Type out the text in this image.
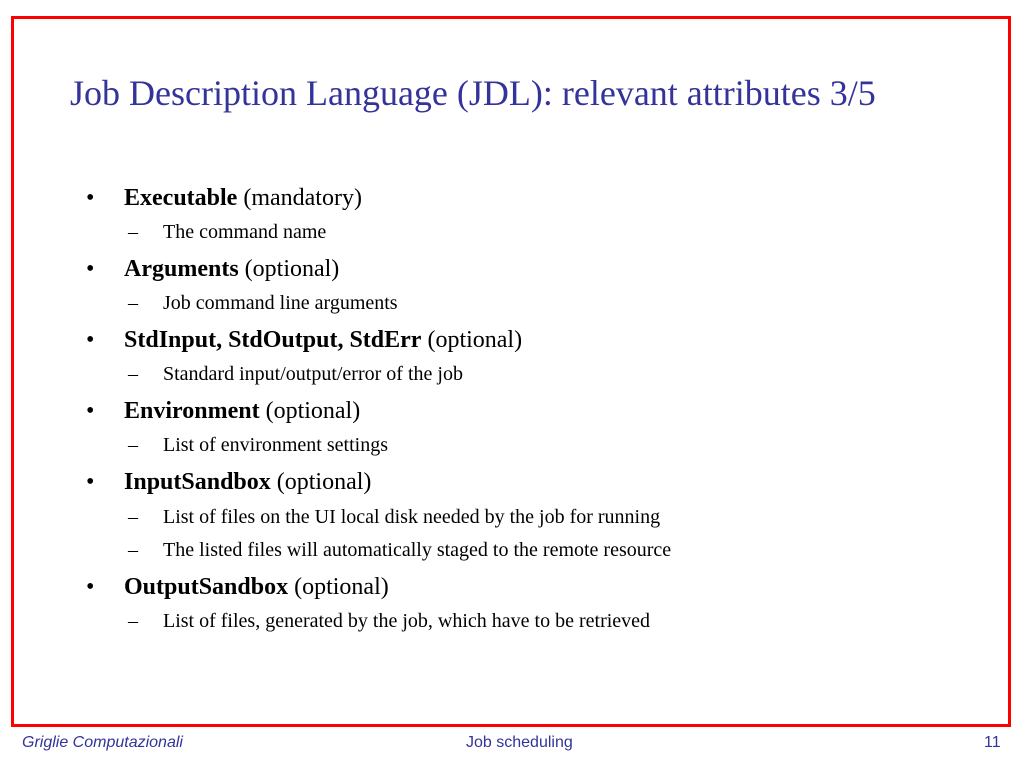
Job Description Language (JDL): relevant attributes 3/5
• Executable (mandatory)
– The command name
• Arguments (optional)
– Job command line arguments
• StdInput, StdOutput, StdErr (optional)
– Standard input/output/error of the job
• Environment (optional)
– List of environment settings
• InputSandbox (optional)
– List of files on the UI local disk needed by the job for running
– The listed files will automatically staged to the remote resource
• OutputSandbox (optional)
– List of files, generated by the job, which have to be retrieved
Griglie Computazionali	Job scheduling	11
